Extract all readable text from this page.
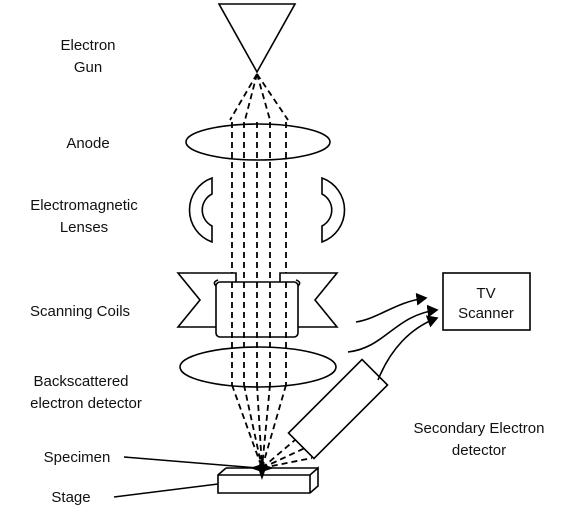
Electron
Gun
Anode
Electromagnetic
Lenses
Scanning Coils
Backscattered
electron detector
Specimen
Stage
TV
Scanner
Secondary Electron
detector
